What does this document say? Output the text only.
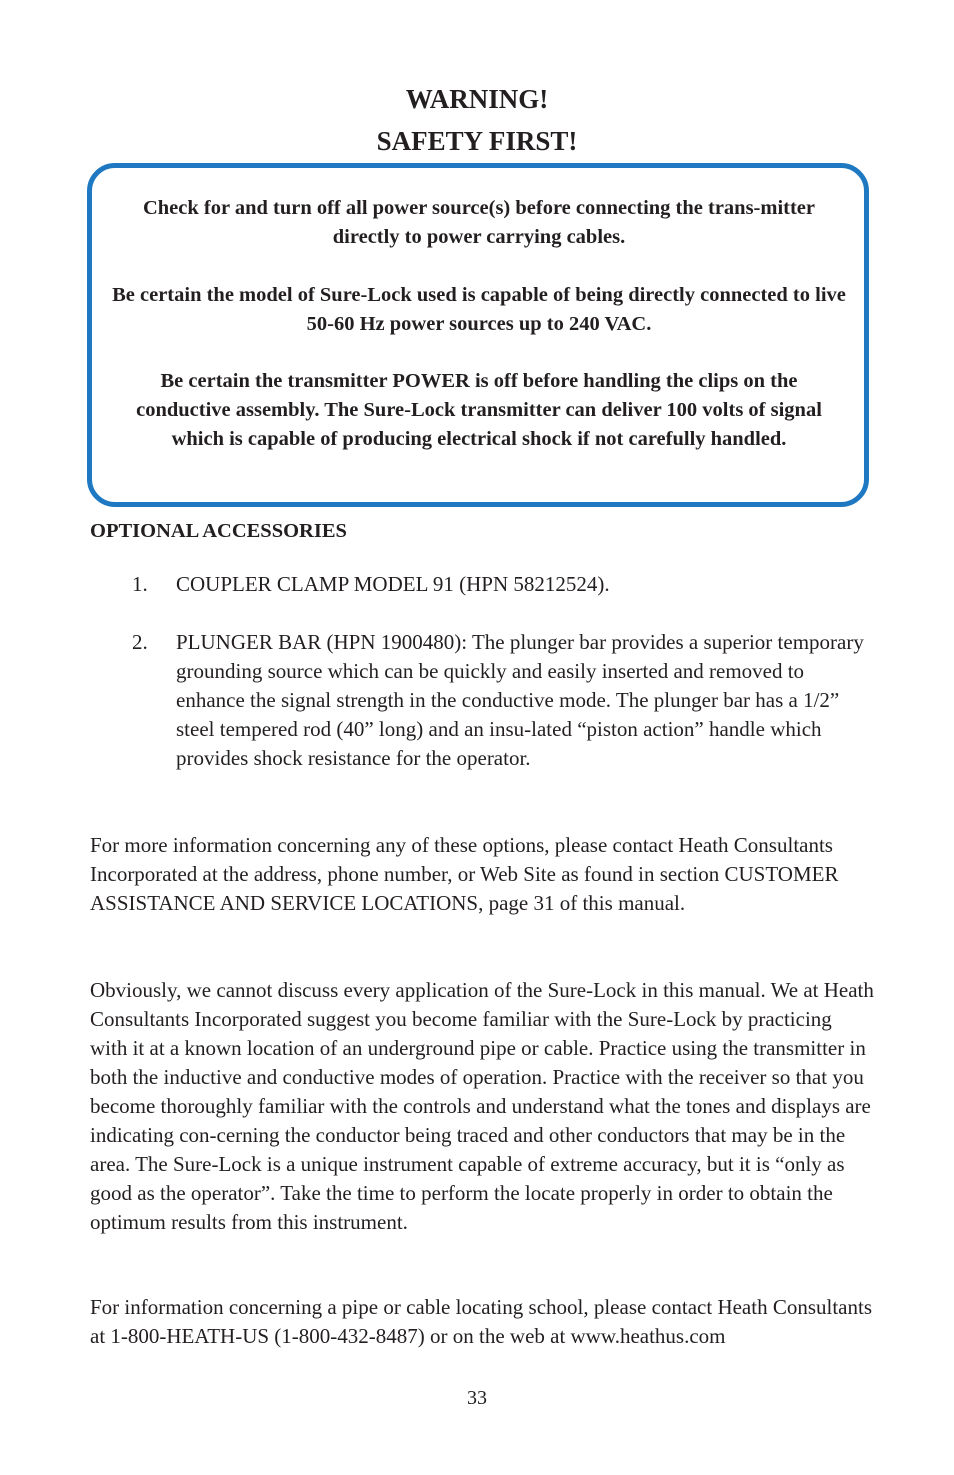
WARNING!
SAFETY FIRST!

Check for and turn off all power source(s) before connecting the trans-mitter directly to power carrying cables.

Be certain the model of Sure-Lock used is capable of being directly connected to live 50-60 Hz power sources up to 240 VAC.

Be certain the transmitter POWER is off before handling the clips on the conductive assembly. The Sure-Lock transmitter can deliver 100 volts of signal which is capable of producing electrical shock if not carefully handled.

OPTIONAL ACCESSORIES
1. COUPLER CLAMP MODEL 91 (HPN 58212524).

2. PLUNGER BAR (HPN 1900480): The plunger bar provides a superior temporary grounding source which can be quickly and easily inserted and removed to enhance the signal strength in the conductive mode. The plunger bar has a 1/2” steel tempered rod (40” long) and an insu-lated “piston action” handle which provides shock resistance for the operator.

For more information concerning any of these options, please contact Heath Consultants Incorporated at the address, phone number, or Web Site as found in section CUSTOMER ASSISTANCE AND SERVICE LOCATIONS, page 31 of this manual.

Obviously, we cannot discuss every application of the Sure-Lock in this manual. We at Heath Consultants Incorporated suggest you become familiar with the Sure-Lock by practicing with it at a known location of an underground pipe or cable. Practice using the transmitter in both the inductive and conductive modes of operation. Practice with the receiver so that you become thoroughly familiar with the controls and understand what the tones and displays are indicating con-cerning the conductor being traced and other conductors that may be in the area. The Sure-Lock is a unique instrument capable of extreme accuracy, but it is “only as good as the operator”. Take the time to perform the locate properly in order to obtain the optimum results from this instrument.

For information concerning a pipe or cable locating school, please contact Heath Consultants at 1-800-HEATH-US (1-800-432-8487) or on the web at www.heathus.com

33
